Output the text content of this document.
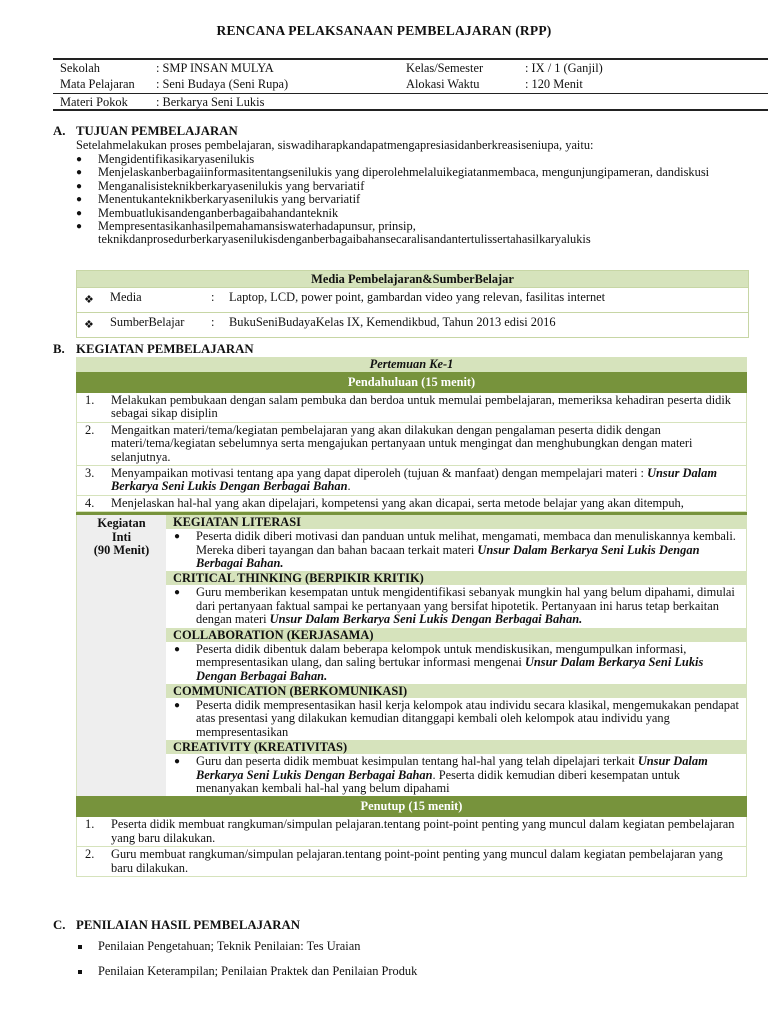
RENCANA PELAKSANAAN PEMBELAJARAN (RPP)
Sekolah	: SMP INSAN MULYA	Kelas/Semester	: IX / 1 (Ganjil)
Mata Pelajaran : Seni Budaya (Seni Rupa)	Alokasi Waktu	: 120 Menit
Materi Pokok : Berkarya Seni Lukis
A. TUJUAN PEMBELAJARAN
Setelahmelakukan proses pembelajaran, siswadiharapkandapatmengapresiasidanberkreasiseniupa, yaitu:
● Mengidentifikasikaryasenilukis
● Menjelaskanberbagaiinformasitentangsenilukis yang diperolehmelaluikegiatanmembaca, mengunjungipameran, dandiskusi
● Menganalisisteknikberkaryasenilukis yang bervariatif
● Menentukanteknikberkaryasenilukis yang bervariatif
● Membuatlukisandenganberbagaibahandanteknik
● Mempresentasikanhasilpemahamansiswaterhadapunsur, prinsip, teknikdanprosedurberkaryasenilukisdenganberbagaibahansecaralisandantertulissertahasilkaryalukis
Media Pembelajaran&SumberBelajar
❖ Media	: Laptop, LCD, power point, gambardan video yang relevan, fasilitas internet
❖ SumberBelajar : BukuSeniBudayaKelas IX, Kemendikbud, Tahun 2013 edisi 2016
B. KEGIATAN PEMBELAJARAN
Pertemuan Ke-1
Pendahuluan (15 menit)
1. Melakukan pembukaan dengan salam pembuka dan berdoa untuk memulai pembelajaran, memeriksa kehadiran peserta didik sebagai sikap disiplin
2. Mengaitkan materi/tema/kegiatan pembelajaran yang akan dilakukan dengan pengalaman peserta didik dengan materi/tema/kegiatan sebelumnya serta mengajukan pertanyaan untuk mengingat dan menghubungkan dengan materi selanjutnya.
3. Menyampaikan motivasi tentang apa yang dapat diperoleh (tujuan & manfaat) dengan mempelajari materi : Unsur Dalam Berkarya Seni Lukis Dengan Berbagai Bahan.
4. Menjelaskan hal-hal yang akan dipelajari, kompetensi yang akan dicapai, serta metode belajar yang akan ditempuh,
Kegiatan
Inti
(90 Menit)
KEGIATAN LITERASI
● Peserta didik diberi motivasi dan panduan untuk melihat, mengamati, membaca dan menuliskannya kembali. Mereka diberi tayangan dan bahan bacaan terkait materi Unsur Dalam Berkarya Seni Lukis Dengan Berbagai Bahan.
CRITICAL THINKING (BERPIKIR KRITIK)
● Guru memberikan kesempatan untuk mengidentifikasi sebanyak mungkin hal yang belum dipahami, dimulai dari pertanyaan faktual sampai ke pertanyaan yang bersifat hipotetik. Pertanyaan ini harus tetap berkaitan dengan materi Unsur Dalam Berkarya Seni Lukis Dengan Berbagai Bahan.
COLLABORATION (KERJASAMA)
● Peserta didik dibentuk dalam beberapa kelompok untuk mendiskusikan, mengumpulkan informasi, mempresentasikan ulang, dan saling bertukar informasi mengenai Unsur Dalam Berkarya Seni Lukis Dengan Berbagai Bahan.
COMMUNICATION (BERKOMUNIKASI)
● Peserta didik mempresentasikan hasil kerja kelompok atau individu secara klasikal, mengemukakan pendapat atas presentasi yang dilakukan kemudian ditanggapi kembali oleh kelompok atau individu yang mempresentasikan
CREATIVITY (KREATIVITAS)
● Guru dan peserta didik membuat kesimpulan tentang hal-hal yang telah dipelajari terkait Unsur Dalam Berkarya Seni Lukis Dengan Berbagai Bahan. Peserta didik kemudian diberi kesempatan untuk menanyakan kembali hal-hal yang belum dipahami
Penutup (15 menit)
1. Peserta didik membuat rangkuman/simpulan pelajaran.tentang point-point penting yang muncul dalam kegiatan pembelajaran yang baru dilakukan.
2. Guru membuat rangkuman/simpulan pelajaran.tentang point-point penting yang muncul dalam kegiatan pembelajaran yang baru dilakukan.
C. PENILAIAN HASIL PEMBELAJARAN
Penilaian Pengetahuan; Teknik Penilaian: Tes Uraian
Penilaian Keterampilan; Penilaian Praktek dan Penilaian Produk
